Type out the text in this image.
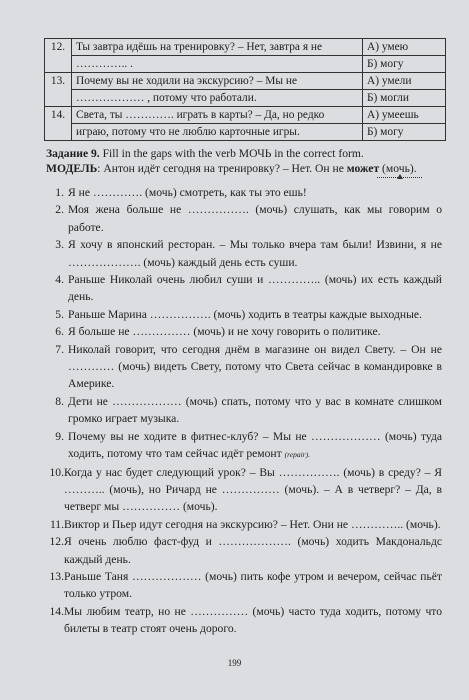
12.	Ты завтра идёшь на тренировку? – Нет, завтра я не	А) умею
	………….. .	Б) могу
13.	Почему вы не ходили на экскурсию? – Мы не	А) умели
	……………… , потому что работали.	Б) могли
14.	Света, ты …………. играть в карты? – Да, но редко	А) умеешь
	играю, потому что не люблю карточные игры.	Б) могу
Задание 9. Fill in the gaps with the verb МОЧЬ in the correct form.
МОДЕЛЬ: Антон идёт сегодня на тренировку? – Нет. Он не может (мочь).
1. Я не …………. (мочь) смотреть, как ты это ешь!
2. Моя жена больше не ……………. (мочь) слушать, как мы говорим о работе.
3. Я хочу в японский ресторан. – Мы только вчера там были! Извини, я не ………………. (мочь) каждый день есть суши.
4. Раньше Николай очень любил суши и ………….. (мочь) их есть каждый день.
5. Раньше Марина ……………. (мочь) ходить в театры каждые выходные.
6. Я больше не …………… (мочь) и не хочу говорить о политике.
7. Николай говорит, что сегодня днём в магазине он видел Свету. – Он не ………… (мочь) видеть Свету, потому что Света сейчас в командировке в Америке.
8. Дети не ……………… (мочь) спать, потому что у вас в комнате слишком громко играет музыка.
9. Почему вы не ходите в фитнес-клуб? – Мы не ……………… (мочь) туда ходить, потому что там сейчас идёт ремонт (repair).
10. Когда у нас будет следующий урок? – Вы ……………. (мочь) в среду? – Я ……….. (мочь), но Ричард не …………… (мочь). – А в четверг? – Да, в четверг мы …………… (мочь).
11. Виктор и Пьер идут сегодня на экскурсию? – Нет. Они не ………….. (мочь).
12. Я очень люблю фаст-фуд и ………………. (мочь) ходить Макдональдс каждый день.
13. Раньше Таня ……………… (мочь) пить кофе утром и вечером, сейчас пьёт только утром.
14. Мы любим театр, но не …………… (мочь) часто туда ходить, потому что билеты в театр стоят очень дорого.
199
